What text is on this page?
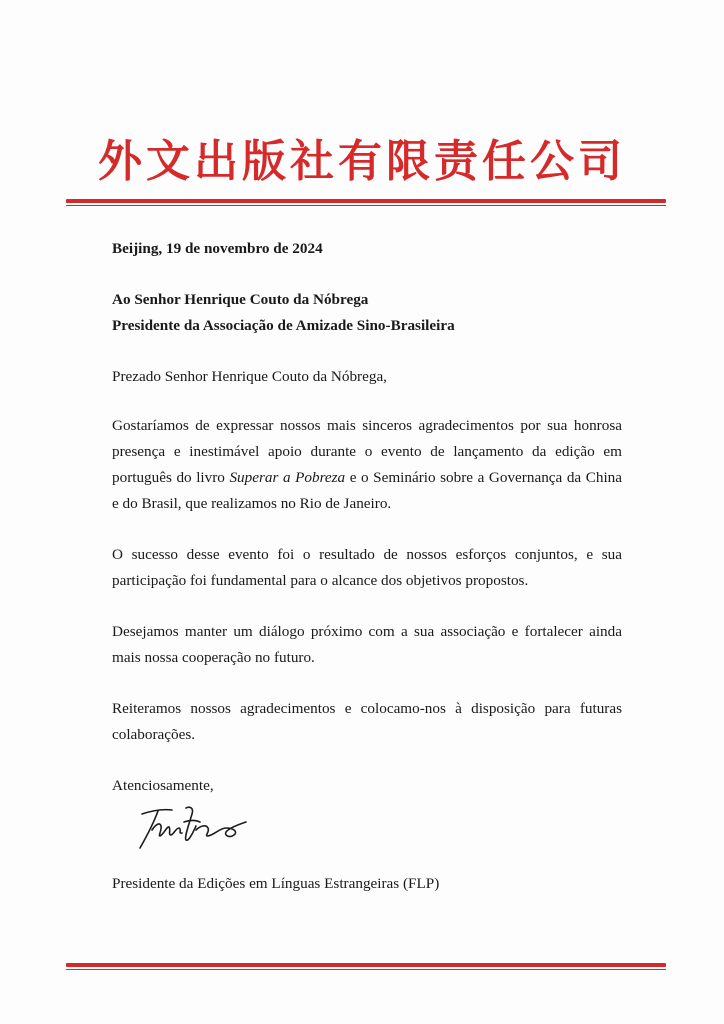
外文出版社有限责任公司
Beijing, 19 de novembro de 2024
Ao Senhor Henrique Couto da Nóbrega
Presidente da Associação de Amizade Sino-Brasileira
Prezado Senhor Henrique Couto da Nóbrega,
Gostaríamos de expressar nossos mais sinceros agradecimentos por sua honrosa presença e inestimável apoio durante o evento de lançamento da edição em português do livro Superar a Pobreza e o Seminário sobre a Governança da China e do Brasil, que realizamos no Rio de Janeiro.
O sucesso desse evento foi o resultado de nossos esforços conjuntos, e sua participação foi fundamental para o alcance dos objetivos propostos.
Desejamos manter um diálogo próximo com a sua associação e fortalecer ainda mais nossa cooperação no futuro.
Reiteramos nossos agradecimentos e colocamo-nos à disposição para futuras colaborações.
Atenciosamente,
Presidente da Edições em Línguas Estrangeiras (FLP)
